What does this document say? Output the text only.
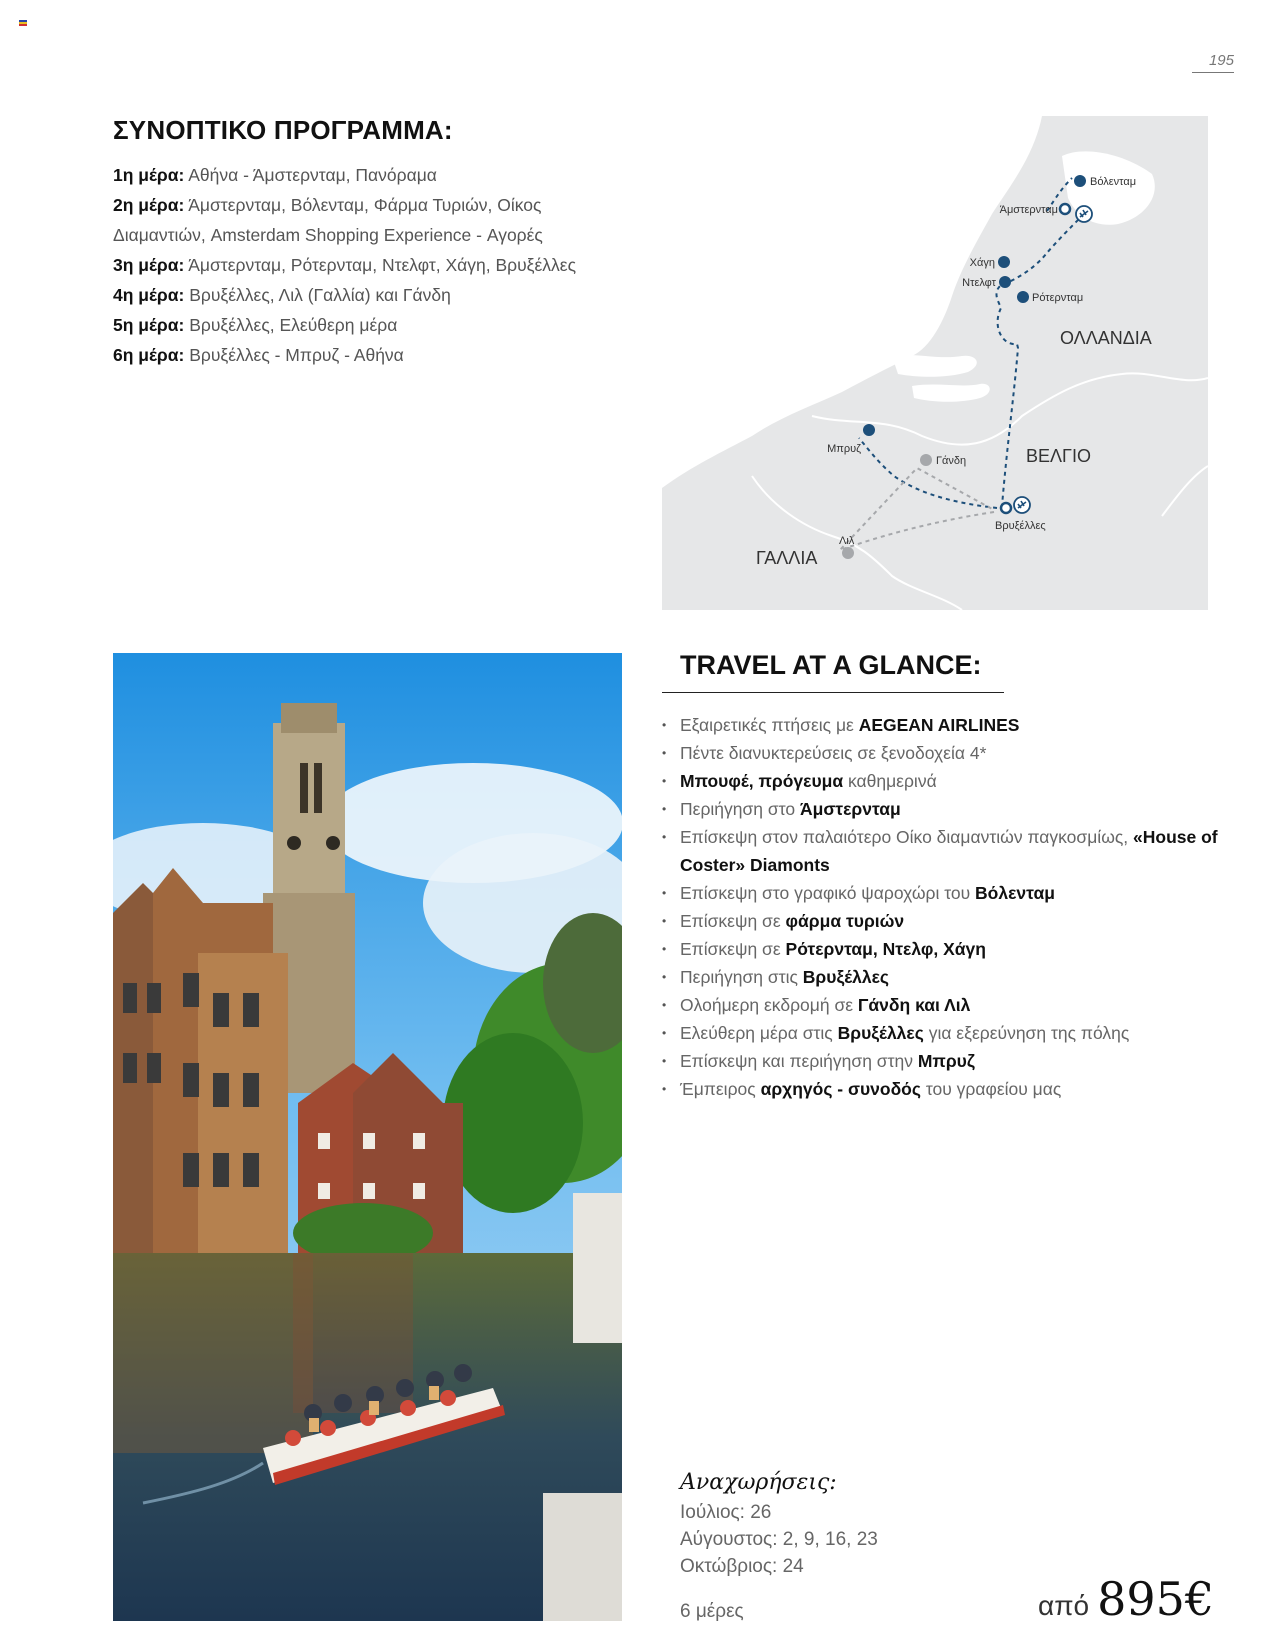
195
ΣΥΝΟΠΤΙΚΟ ΠΡΟΓΡΑΜΜΑ:

1η μέρα: Αθήνα - Άμστερνταμ, Πανόραμα

2η μέρα: Άμστερνταμ, Βόλενταμ, Φάρμα Τυριών, Οίκος Διαμαντιών, Amsterdam Shopping Experience - Αγορές

3η μέρα: Άμστερνταμ, Ρότερνταμ, Ντελφτ, Χάγη, Βρυξέλλες

4η μέρα: Βρυξέλλες, Λιλ (Γαλλία) και Γάνδη

5η μέρα: Βρυξέλλες, Ελεύθερη μέρα

6η μέρα: Βρυξέλλες - Μπρυζ - Αθήνα

Βόλενταμ
Άμστερνταμ
Χάγη
Ντελφτ
Ρότερνταμ
Μπρυζ
Γάνδη
Βρυξέλλες
Λιλ
ΟΛΛΑΝΔΙΑ
ΒΕΛΓΙΟ
ΓΑΛΛΙΑ
TRAVEL AT A GLANCE:
• Εξαιρετικές πτήσεις με AEGEAN AIRLINES
• Πέντε διανυκτερεύσεις σε ξενοδοχεία 4*
• Μπουφέ, πρόγευμα καθημερινά
• Περιήγηση στο Άμστερνταμ
• Επίσκεψη στον παλαιότερο Οίκο διαμαντιών παγκοσμίως, «House of Coster» Diamonts
• Επίσκεψη στο γραφικό ψαροχώρι του Βόλενταμ
• Επίσκεψη σε φάρμα τυριών
• Επίσκεψη σε Ρότερνταμ, Ντελφ, Χάγη
• Περιήγηση στις Βρυξέλλες
• Ολοήμερη εκδρομή σε Γάνδη και Λιλ
• Ελεύθερη μέρα στις Βρυξέλλες για εξερεύνηση της πόλης
• Επίσκεψη και περιήγηση στην Μπρυζ
• Έμπειρος αρχηγός - συνοδός του γραφείου μας
Αναχωρήσεις:
Ιούλιος: 26
Αύγουστος: 2, 9, 16, 23
Οκτώβριος: 24
6 μέρες	από 895€
